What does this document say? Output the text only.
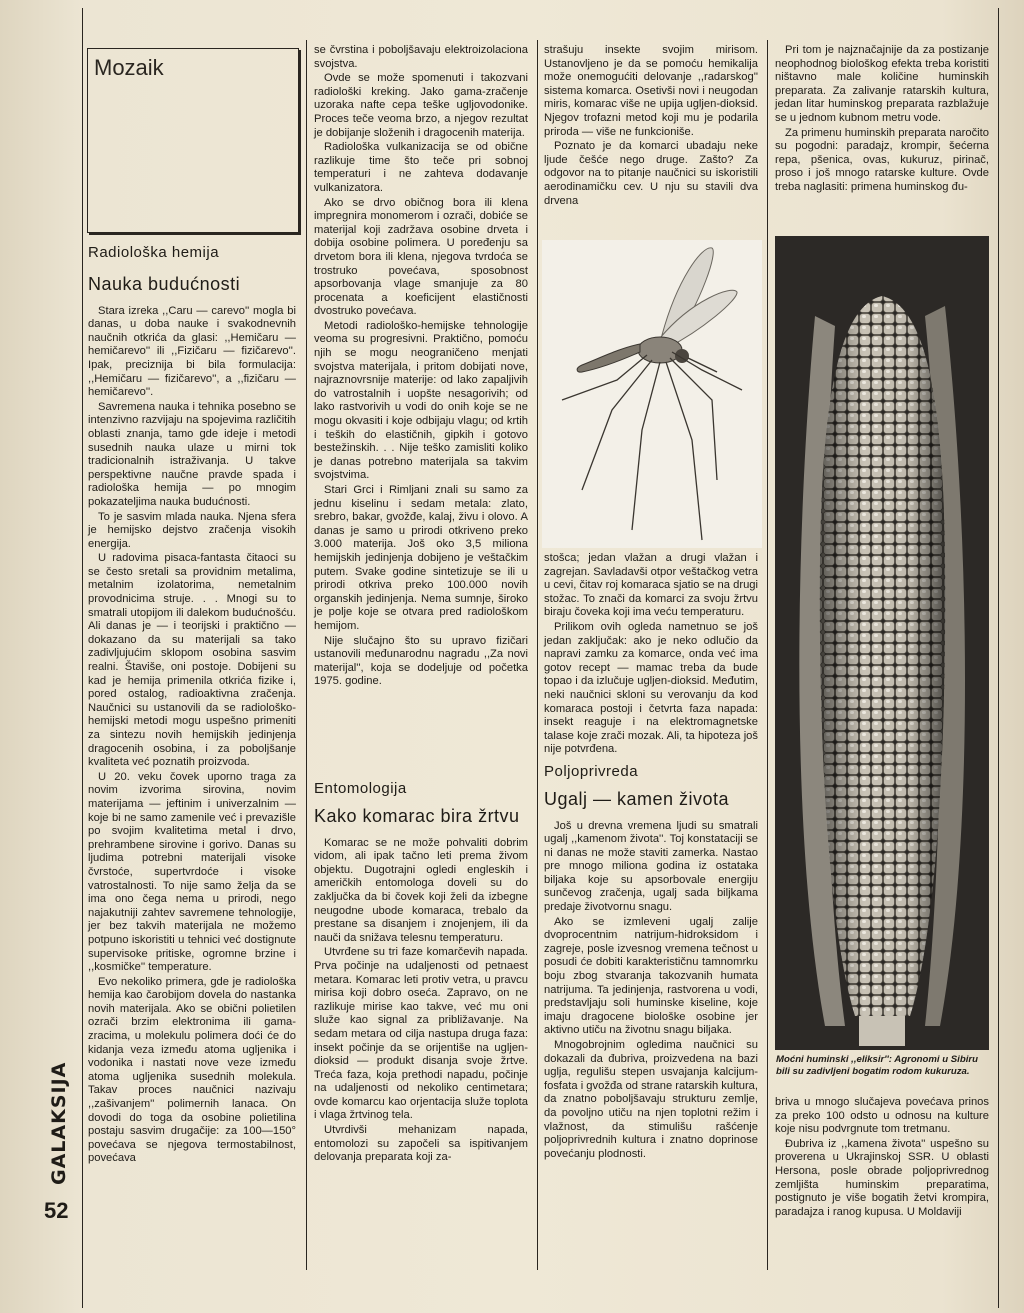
GALAKSIJA
52
Mozaik
Radiološka hemija
Nauka budućnosti

Stara izreka ,,Caru — carevo'' mogla bi danas, u doba nauke i svakodnevnih naučnih otkrića da glasi: ,,Hemičaru — hemičarevo'' ili ,,Fizičaru — fizičarevo''. Ipak, preciznija bi bila formulacija: ,,Hemičaru — fizičarevo'', a ,,fizičaru — hemičarevo''.

Savremena nauka i tehnika posebno se intenzivno razvijaju na spojevima različitih oblasti znanja, tamo gde ideje i metodi susednih nauka ulaze u mirni tok tradicionalnih istraživanja. U takve perspektivne naučne pravde spada i radiološka hemija — po mnogim pokazateljima nauka budućnosti.

To je sasvim mlada nauka. Njena sfera je hemijsko dejstvo zračenja visokih energija.

U radovima pisaca-fantasta čitaoci su se često sretali sa providnim metalima, metalnim izolatorima, nemetalnim provodnicima struje. . . Mnogi su to smatrali utopijom ili dalekom budućnošću. Ali danas je — i teorijski i praktično — dokazano da su materijali sa tako zadivljujućim sklopom osobina sasvim realni. Štaviše, oni postoje. Dobijeni su kad je hemija primenila otkrića fizike i, pored ostalog, radioaktivna zračenja. Naučnici su ustanovili da se radiološko-hemijski metodi mogu uspešno primeniti za sintezu novih hemijskih jedinjenja dragocenih osobina, i za poboljšanje kvaliteta već poznatih proizvoda.

U 20. veku čovek uporno traga za novim izvorima sirovina, novim materijama — jeftinim i univerzalnim — koje bi ne samo zamenile već i prevazišle po svojim kvalitetima metal i drvo, prehrambene sirovine i gorivo. Danas su ljudima potrebni materijali visoke čvrstoće, supertvrdoće i visoke vatrostalnosti. To nije samo želja da se ima ono čega nema u prirodi, nego najakutniji zahtev savremene tehnologije, jer bez takvih materijala ne možemo potpuno iskoristiti u tehnici već dostignute supervisoke pritiske, ogromne brzine i ,,kosmičke'' temperature.

Evo nekoliko primera, gde je radiološka hemija kao čarobijom dovela do nastanka novih materijala. Ako se obični polietilen ozrači brzim elektronima ili gama-zracima, u molekulu polimera doći će do kidanja veza između atoma ugljenika i vodonika i nastati nove veze između atoma ugljenika susednih molekula. Takav proces naučnici nazivaju ,,zašivanjem'' polimernih lanaca. On dovodi do toga da osobine polietilina postaju sasvim drugačije: za 100—150° povećava se njegova termostabilnost, povećava

se čvrstina i poboljšavaju elektroizolaciona svojstva.

Ovde se može spomenuti i takozvani radiološki kreking. Jako gama-zračenje uzoraka nafte cepa teške ugljovodonike. Proces teče veoma brzo, a njegov rezultat je dobijanje složenih i dragocenih materija.

Radiološka vulkanizacija se od obične razlikuje time što teče pri sobnoj temperaturi i ne zahteva dodavanje vulkanizatora.

Ako se drvo običnog bora ili klena impregnira monomerom i ozrači, dobiće se materijal koji zadržava osobine drveta i dobija osobine polimera. U poređenju sa drvetom bora ili klena, njegova tvrdoća se trostruko povećava, sposobnost apsorbovanja vlage smanjuje za 80 procenata a koeficijent elastičnosti dvostruko povećava.

Metodi radiološko-hemijske tehnologije veoma su progresivni. Praktično, pomoću njih se mogu neograničeno menjati svojstva materijala, i pritom dobijati nove, najraznovrsnije materije: od lako zapaljivih do vatrostalnih i uopšte nesagorivih; od lako rastvorivih u vodi do onih koje se ne mogu okvasiti i koje odbijaju vlagu; od krtih i teških do elastičnih, gipkih i gotovo bestežinskih. . . Nije teško zamisliti koliko je danas potrebno materijala sa takvim svojstvima.

Stari Grci i Rimljani znali su samo za jednu kiselinu i sedam metala: zlato, srebro, bakar, gvožđe, kalaj, živu i olovo. A danas je samo u prirodi otkriveno preko 3.000 materija. Još oko 3,5 miliona hemijskih jedinjenja dobijeno je veštačkim putem. Svake godine sintetizuje se ili u prirodi otkriva preko 100.000 novih organskih jedinjenja. Nema sumnje, široko je polje koje se otvara pred radiološkom hemijom.

Nije slučajno što su upravo fizičari ustanovili međunarodnu nagradu ,,Za novi materijal'', koja se dodeljuje od početka 1975. godine.

Entomologija
Kako komarac bira žrtvu

Komarac se ne može pohvaliti dobrim vidom, ali ipak tačno leti prema živom objektu. Dugotrajni ogledi engleskih i američkih entomologa doveli su do zaključka da bi čovek koji želi da izbegne neugodne ubode komaraca, trebalo da prestane sa disanjem i znojenjem, ili da nauči da snižava telesnu temperaturu.

Utvrđene su tri faze komarčevih napada. Prva počinje na udaljenosti od petnaest metara. Komarac leti protiv vetra, u pravcu mirisa koji dobro oseća. Zapravo, on ne razlikuje mirise kao takve, već mu oni služe kao signal za približavanje. Na sedam metara od cilja nastupa druga faza: insekt počinje da se orijentiše na ugljen-dioksid — produkt disanja svoje žrtve. Treća faza, koja prethodi napadu, počinje na udaljenosti od nekoliko centimetara; ovde komarcu kao orjentacija služe toplota i vlaga žrtvinog tela.

Utvrdivši mehanizam napada, entomolozi su započeli sa ispitivanjem delovanja preparata koji za-

strašuju insekte svojim mirisom. Ustanovljeno je da se pomoću hemikalija može onemogućiti delovanje ,,radarskog'' sistema komarca. Osetivši novi i neugodan miris, komarac više ne upija ugljen-dioksid. Njegov trofazni metod koji mu je podarila priroda — više ne funkcioniše.

Poznato je da komarci ubadaju neke ljude češće nego druge. Zašto? Za odgovor na to pitanje naučnici su iskoristili aerodinamičku cev. U nju su stavili dva drvena

stošca; jedan vlažan a drugi vlažan i zagrejan. Savladavši otpor veštačkog vetra u cevi, čitav roj komaraca sjatio se na drugi stožac. To znači da komarci za svoju žrtvu biraju čoveka koji ima veću temperaturu.

Prilikom ovih ogleda nametnuo se još jedan zaključak: ako je neko odlučio da napravi zamku za komarce, onda već ima gotov recept — mamac treba da bude topao i da izlučuje ugljen-dioksid. Međutim, neki naučnici skloni su verovanju da kod komaraca postoji i četvrta faza napada: insekt reaguje i na elektromagnetske talase koje zrači mozak. Ali, ta hipoteza još nije potvrđena.

Poljoprivreda
Ugalj — kamen života

Još u drevna vremena ljudi su smatrali ugalj ,,kamenom života''. Toj konstataciji se ni danas ne može staviti zamerka. Nastao pre mnogo miliona godina iz ostataka biljaka koje su apsorbovale energiju sunčevog zračenja, ugalj sada biljkama predaje životvornu snagu.

Ako se izmleveni ugalj zalije dvoprocentnim natrijum-hidroksidom i zagreje, posle izvesnog vremena tečnost u posudi će dobiti karakterističnu tamnomrku boju zbog stvaranja takozvanih humata natrijuma. Ta jedinjenja, rastvorena u vodi, predstavljaju soli huminske kiseline, koje imaju dragocene biološke osobine jer aktivno utiču na životnu snagu biljaka.

Mnogobrojnim ogledima naučnici su dokazali da đubriva, proizvedena na bazi uglja, regulišu stepen usvajanja kalcijum-fosfata i gvožđa od strane ratarskih kultura, da znatno poboljšavaju strukturu zemlje, da povoljno utiču na njen toplotni režim i vlažnost, da stimulišu rašćenje poljoprivrednih kultura i znatno doprinose povećanju plodnosti.

Pri tom je najznačajnije da za postizanje neophodnog biološkog efekta treba koristiti ništavno male količine huminskih preparata. Za zalivanje ratarskih kultura, jedan litar huminskog preparata razblažuje se u jednom kubnom metru vode.

Za primenu huminskih preparata naročito su pogodni: paradajz, krompir, šećerna repa, pšenica, ovas, kukuruz, pirinač, proso i još mnogo ratarske kulture. Ovde treba naglasiti: primena huminskog đu-

Moćni huminski ,,eliksir'': Agronomi u Sibiru bili su zadivljeni bogatim rodom kukuruza.

briva u mnogo slučajeva povećava prinos za preko 100 odsto u odnosu na kulture koje nisu podvrgnute tom tretmanu.

Đubriva iz ,,kamena života'' uspešno su proverena u Ukrajinskoj SSR. U oblasti Hersona, posle obrade poljoprivrednog zemljišta huminskim preparatima, postignuto je više bogatih žetvi krompira, paradajza i ranog kupusa. U Moldaviji
